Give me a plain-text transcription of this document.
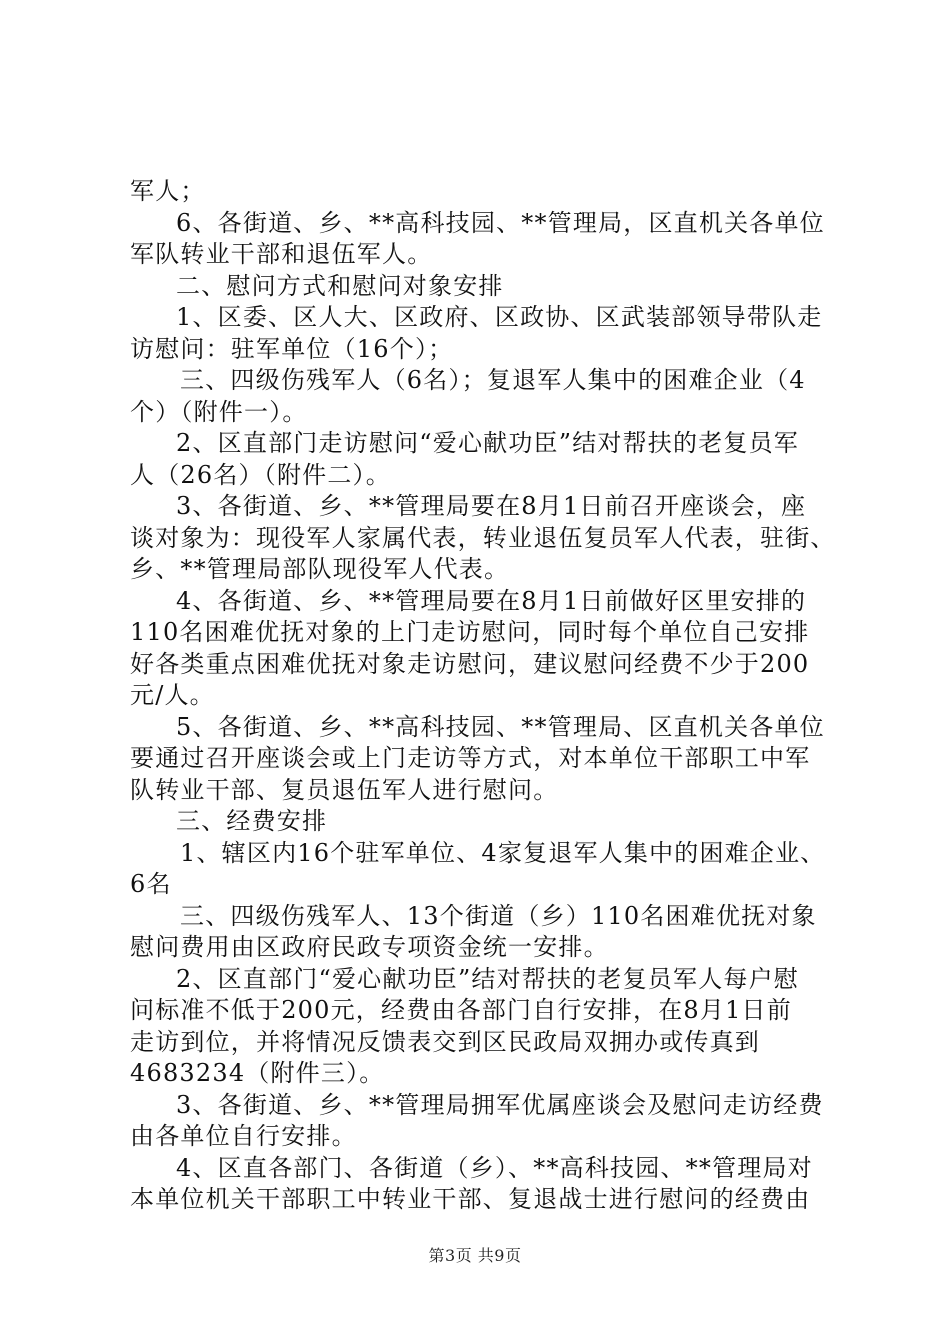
军人；
6、各街道、乡、**高科技园、**管理局，区直机关各单位
军队转业干部和退伍军人。
二、慰问方式和慰问对象安排
1、区委、区人大、区政府、区政协、区武装部领导带队走
访慰问：驻军单位（16个）；
三、四级伤残军人（6名）；复退军人集中的困难企业（4
个）（附件一）。
2、区直部门走访慰问“爱心献功臣”结对帮扶的老复员军
人（26名）（附件二）。
3、各街道、乡、**管理局要在8月1日前召开座谈会，座
谈对象为：现役军人家属代表，转业退伍复员军人代表，驻街、
乡、**管理局部队现役军人代表。
4、各街道、乡、**管理局要在8月1日前做好区里安排的
110名困难优抚对象的上门走访慰问，同时每个单位自己安排
好各类重点困难优抚对象走访慰问，建议慰问经费不少于200
元/人。
5、各街道、乡、**高科技园、**管理局、区直机关各单位
要通过召开座谈会或上门走访等方式，对本单位干部职工中军
队转业干部、复员退伍军人进行慰问。
三、经费安排
1、辖区内16个驻军单位、4家复退军人集中的困难企业、
6名
三、四级伤残军人、13个街道（乡）110名困难优抚对象
慰问费用由区政府民政专项资金统一安排。
2、区直部门“爱心献功臣”结对帮扶的老复员军人每户慰
问标准不低于200元，经费由各部门自行安排，在8月1日前
走访到位，并将情况反馈表交到区民政局双拥办或传真到
4683234（附件三）。
3、各街道、乡、**管理局拥军优属座谈会及慰问走访经费
由各单位自行安排。
4、区直各部门、各街道（乡）、**高科技园、**管理局对
本单位机关干部职工中转业干部、复退战士进行慰问的经费由
第3页 共9页
